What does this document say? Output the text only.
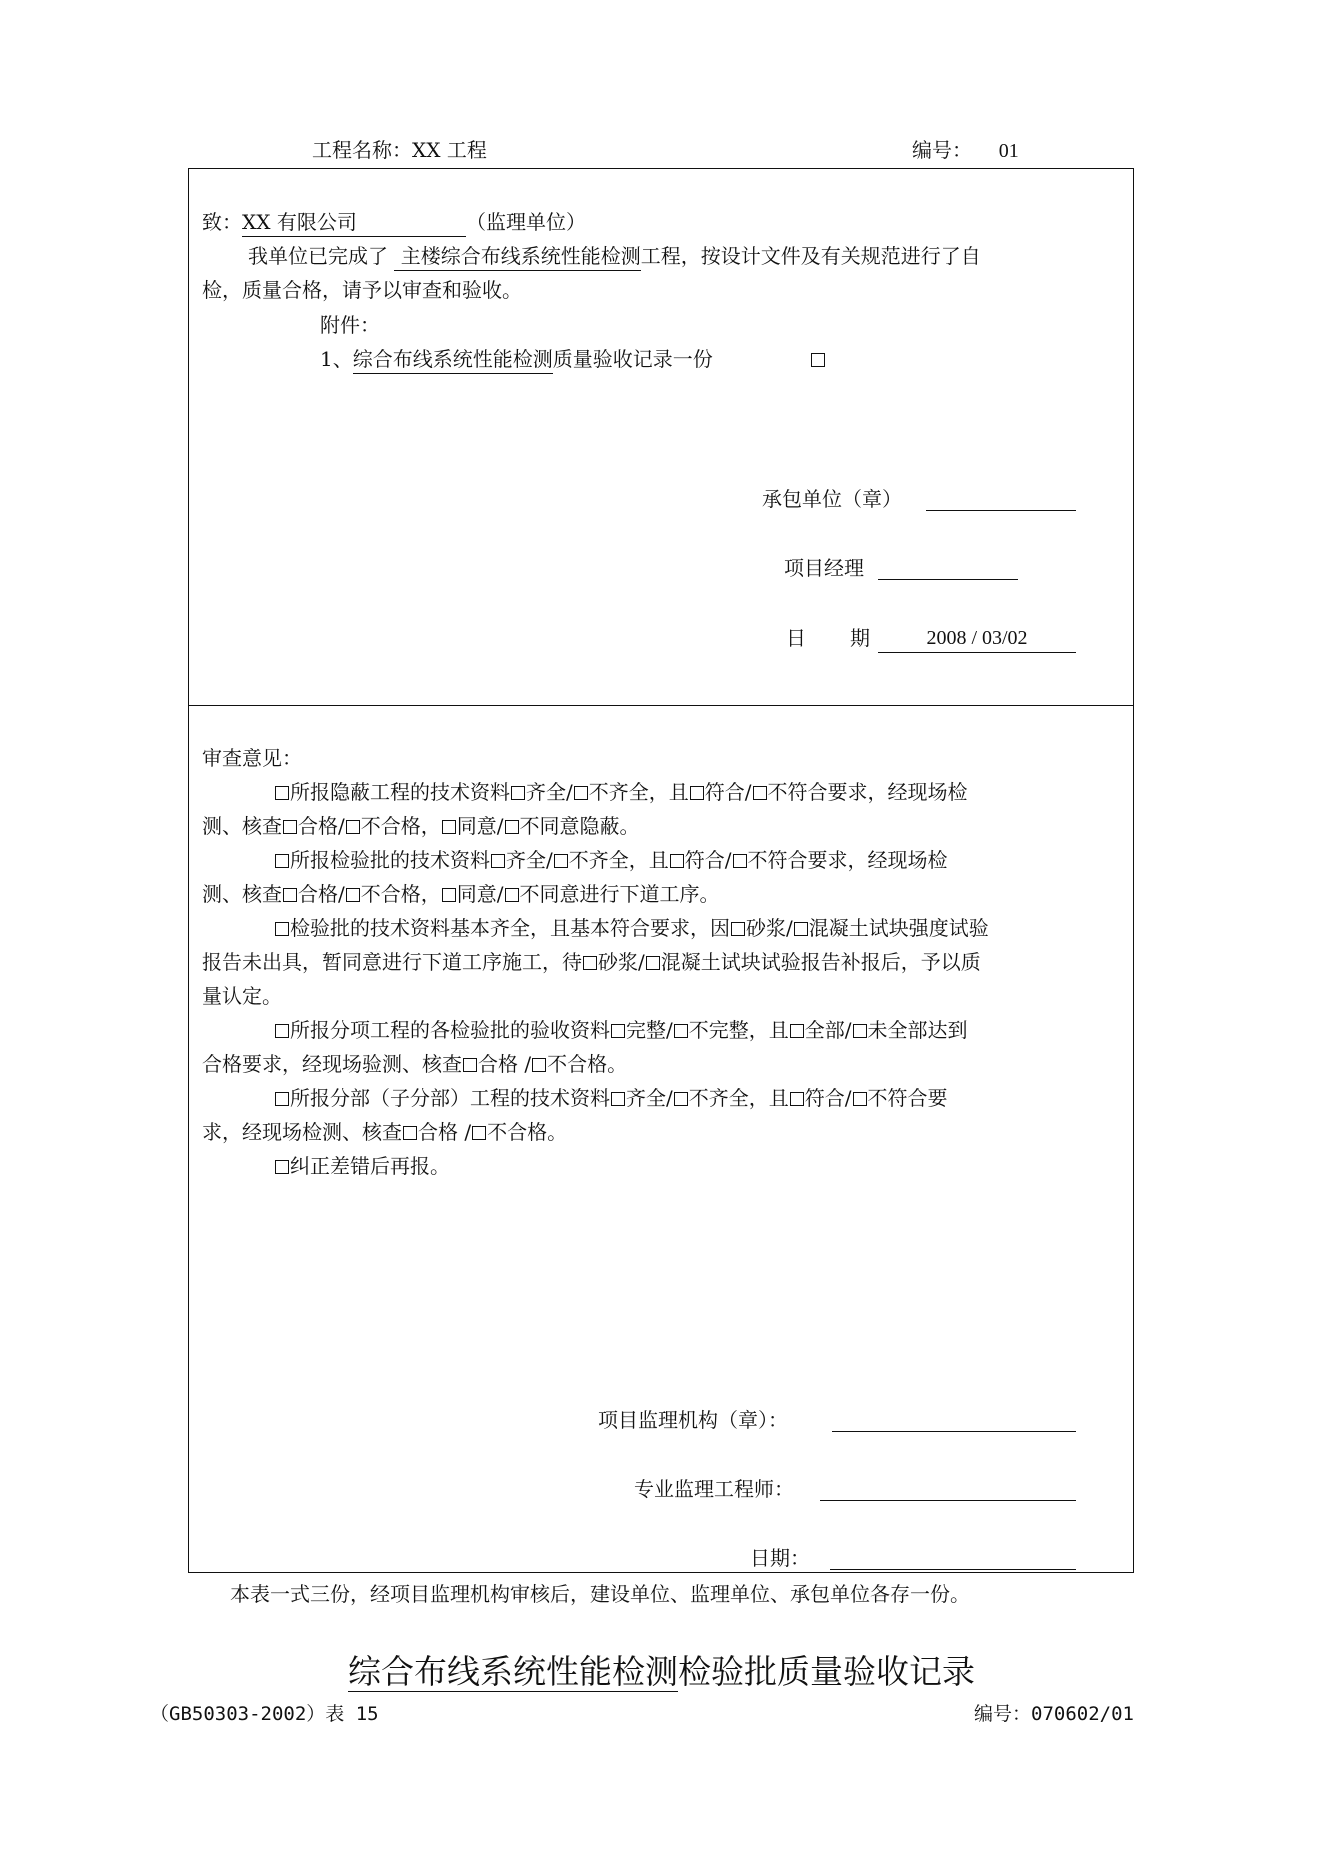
工程名称：XX 工程	编号： 01
致：XX 有限公司	（监理单位）
我单位已完成了 主楼综合布线系统性能检测工程，按设计文件及有关规范进行了自
检，质量合格，请予以审查和验收。
附件：
1、综合布线系统性能检测质量验收记录一份
承包单位（章）
项目经理
日 期	2008 / 03/02
审查意见：
所报隐蔽工程的技术资料 齐全/ 不齐全，且 符合/ 不符合要求，经现场检
测、核查 合格/ 不合格， 同意/ 不同意隐蔽。
所报检验批的技术资料 齐全/ 不齐全，且 符合/ 不符合要求，经现场检
测、核查 合格/ 不合格， 同意/ 不同意进行下道工序。
检验批的技术资料基本齐全，且基本符合要求，因 砂浆/ 混凝土试块强度试验
报告未出具，暂同意进行下道工序施工，待 砂浆/ 混凝土试块试验报告补报后，予以质
量认定。
所报分项工程的各检验批的验收资料 完整/ 不完整，且 全部/ 未全部达到
合格要求，经现场验测、核查 合格 / 不合格。
所报分部（子分部）工程的技术资料 齐全/ 不齐全，且 符合/ 不符合要
求，经现场检测、核查 合格 / 不合格。
纠正差错后再报。
项目监理机构（章）：
专业监理工程师：
日期：
本表一式三份，经项目监理机构审核后，建设单位、监理单位、承包单位各存一份。
综合布线系统性能检测检验批质量验收记录
（GB50303-2002）表 15	编号：070602/01
